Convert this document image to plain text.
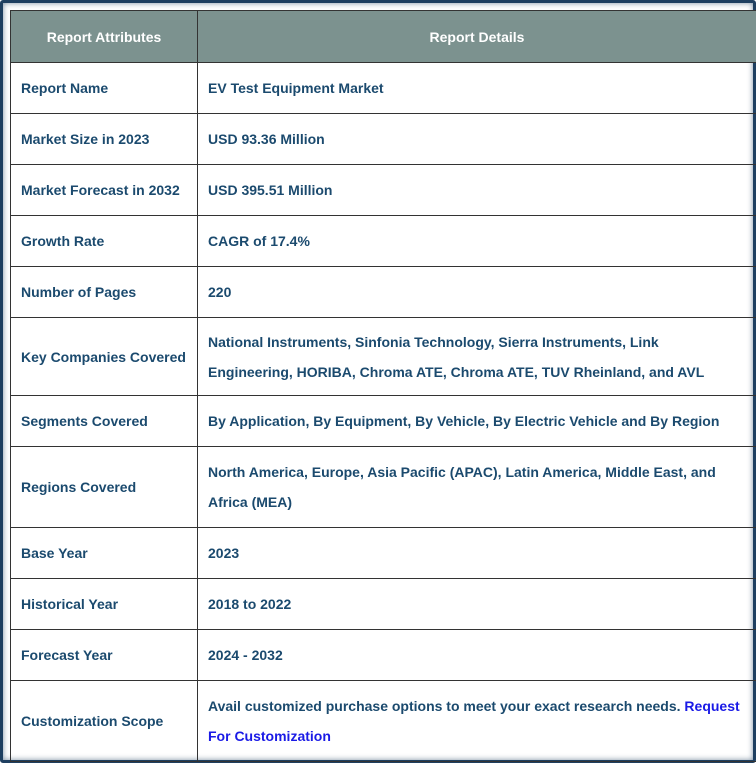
Report Attributes	Report Details
Report Name	EV Test Equipment Market
Market Size in 2023	USD 93.36 Million
Market Forecast in 2032	USD 395.51 Million
Growth Rate	CAGR of 17.4%
Number of Pages	220
Key Companies Covered	National Instruments, Sinfonia Technology, Sierra Instruments, Link Engineering, HORIBA, Chroma ATE, Chroma ATE, TUV Rheinland, and AVL
Segments Covered	By Application, By Equipment, By Vehicle, By Electric Vehicle and By Region
Regions Covered	North America, Europe, Asia Pacific (APAC), Latin America, Middle East, and Africa (MEA)
Base Year	2023
Historical Year	2018 to 2022
Forecast Year	2024 - 2032
Customization Scope	Avail customized purchase options to meet your exact research needs. Request For Customization
